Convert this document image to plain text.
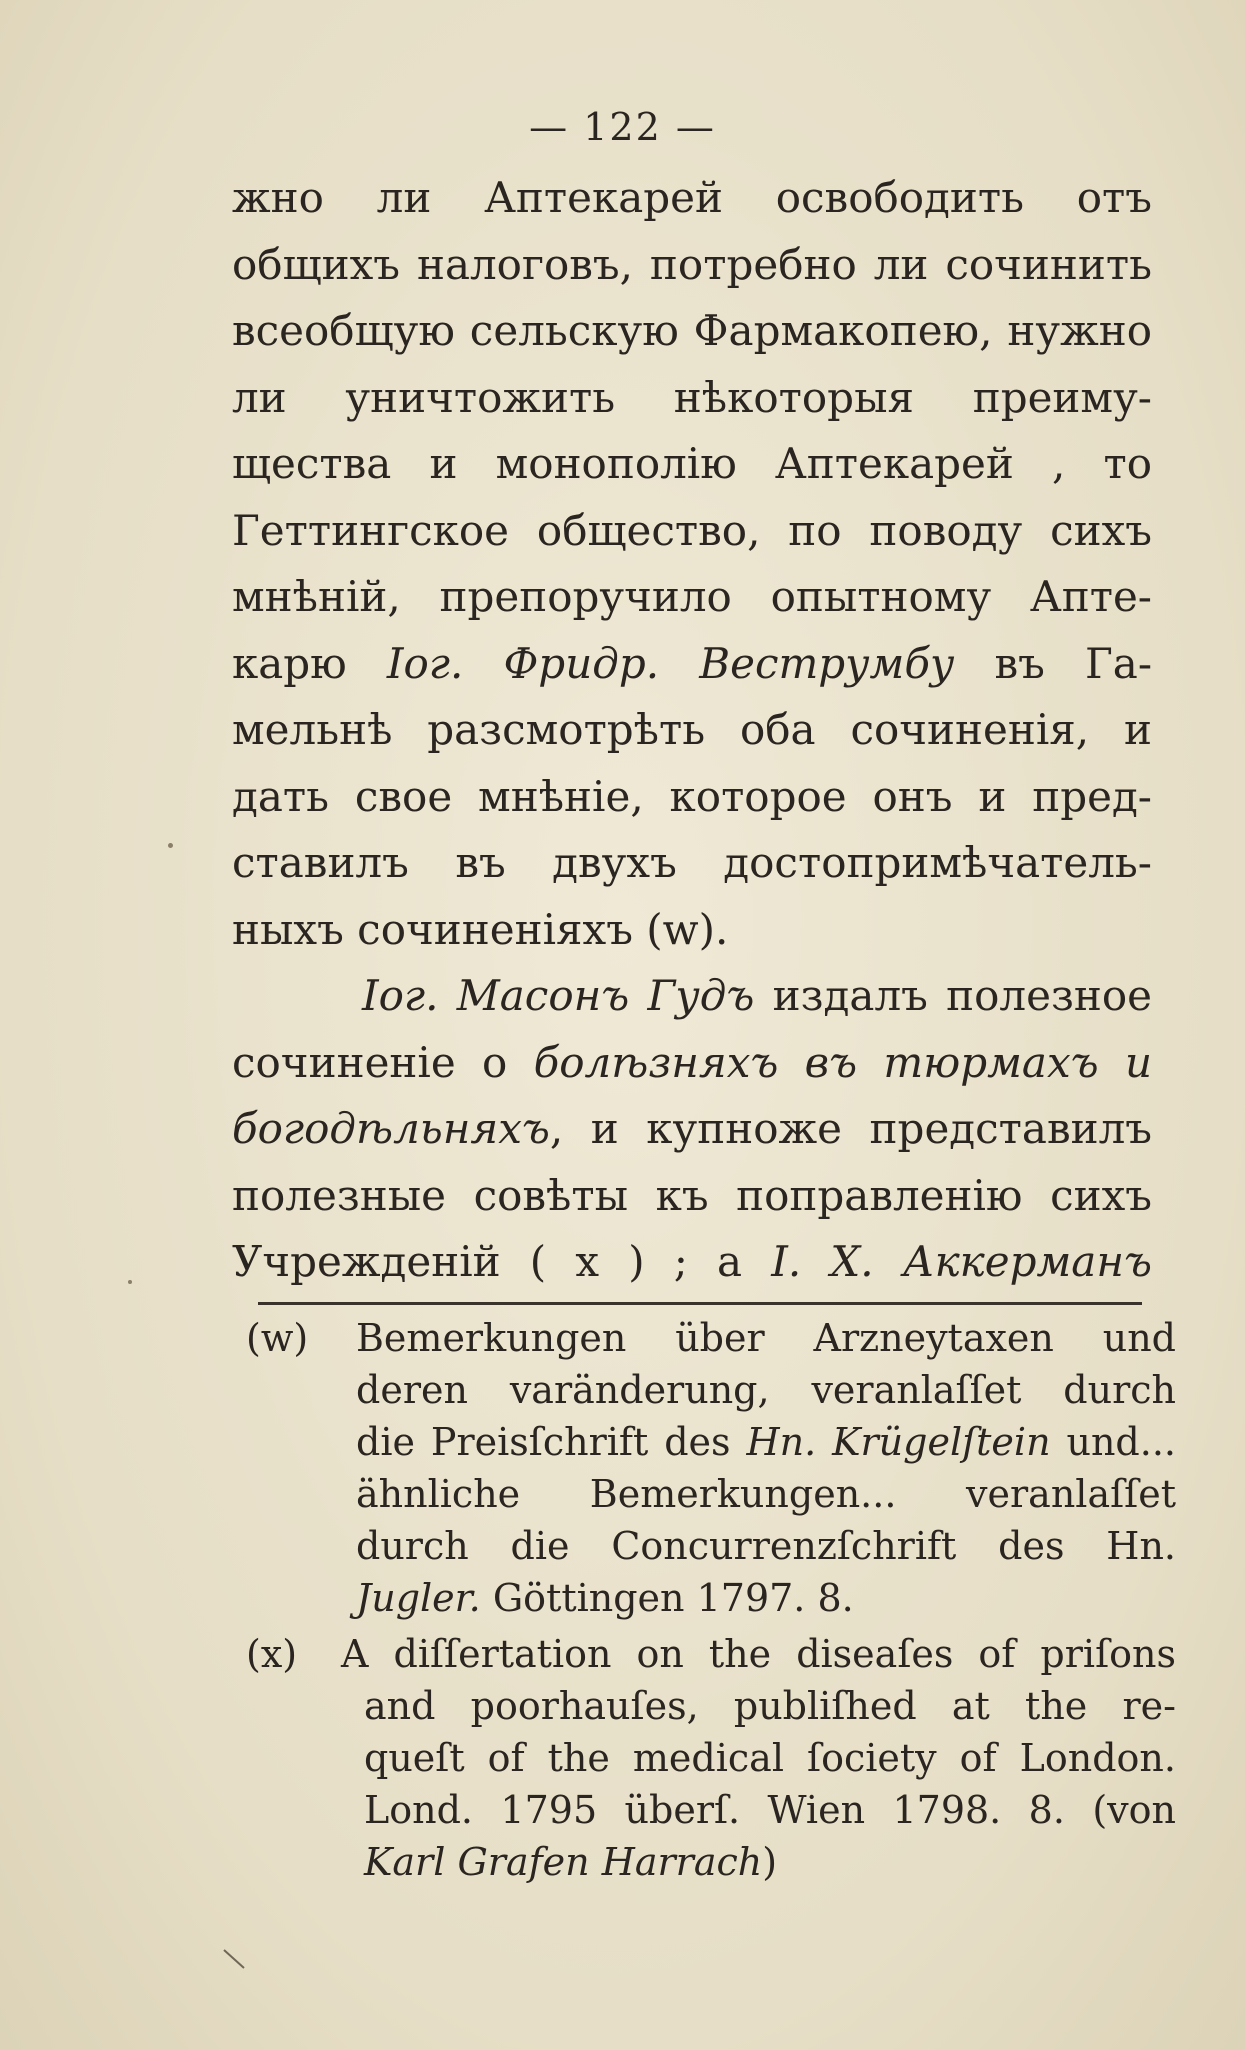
— 122 —
жно ли Аптекарей освободить отъ
общихъ налоговъ, потребно ли сочинить
всеобщую сельскую Фармакопею, нужно
ли уничтожить нѣкоторыя преиму-
щества и монополію Аптекарей , то
Геттингское общество, по поводу сихъ
мнѣній, препоручило опытному Апте-
карю Іог. Фридр. Веструмбу въ Га-
мельнѣ разсмотрѣть оба сочиненія, и
дать свое мнѣніе, которое онъ и пред-
ставилъ въ двухъ достопримѣчатель-
ныхъ сочиненіяхъ (w).
Іог. Масонъ Гудъ издалъ полезное
сочиненіе о болѣзняхъ въ тюрмахъ и
богодѣльняхъ, и купноже представилъ
полезные совѣты къ поправленію сихъ
Учрежденій ( x ) ; а I. X. Аккерманъ
(w)	Bemerkungen über Arzneytaxen und
deren varänderung, veranlaſſet durch
die Preisſchrift des Hn. Krügelſtein und...
ähnliche Bemerkungen... veranlaſſet
durch die Concurrenzſchrift des Hn.
Jugler. Göttingen 1797. 8.
(x)	A diſſertation on the diseaſes of priſons
and poorhauſes, publiſhed at the re-
queſt of the medical ſociety of London.
Lond. 1795 überſ. Wien 1798. 8. (von
Karl Grafen Harrach)
